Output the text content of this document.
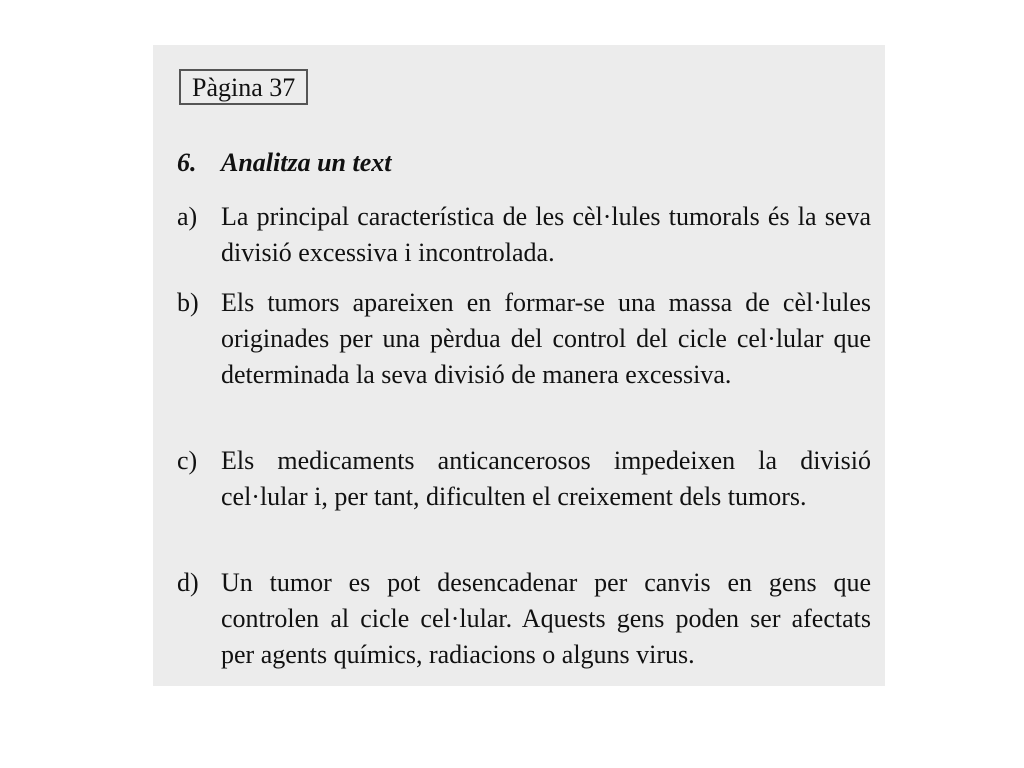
Pàgina 37
6. Analitza un text
a) La principal característica de les cèl·lules tumorals és la seva divisió excessiva i incontrolada.
b) Els tumors apareixen en formar-se una massa de cèl·lules originades per una pèrdua del control del cicle cel·lular que determinada la seva divisió de manera excessiva.
c) Els medicaments anticancerosos impedeixen la divisió cel·lular i, per tant, dificulten el creixement dels tumors.
d) Un tumor es pot desencadenar per canvis en gens que controlen al cicle cel·lular. Aquests gens poden ser afectats per agents químics, radiacions o alguns virus.
